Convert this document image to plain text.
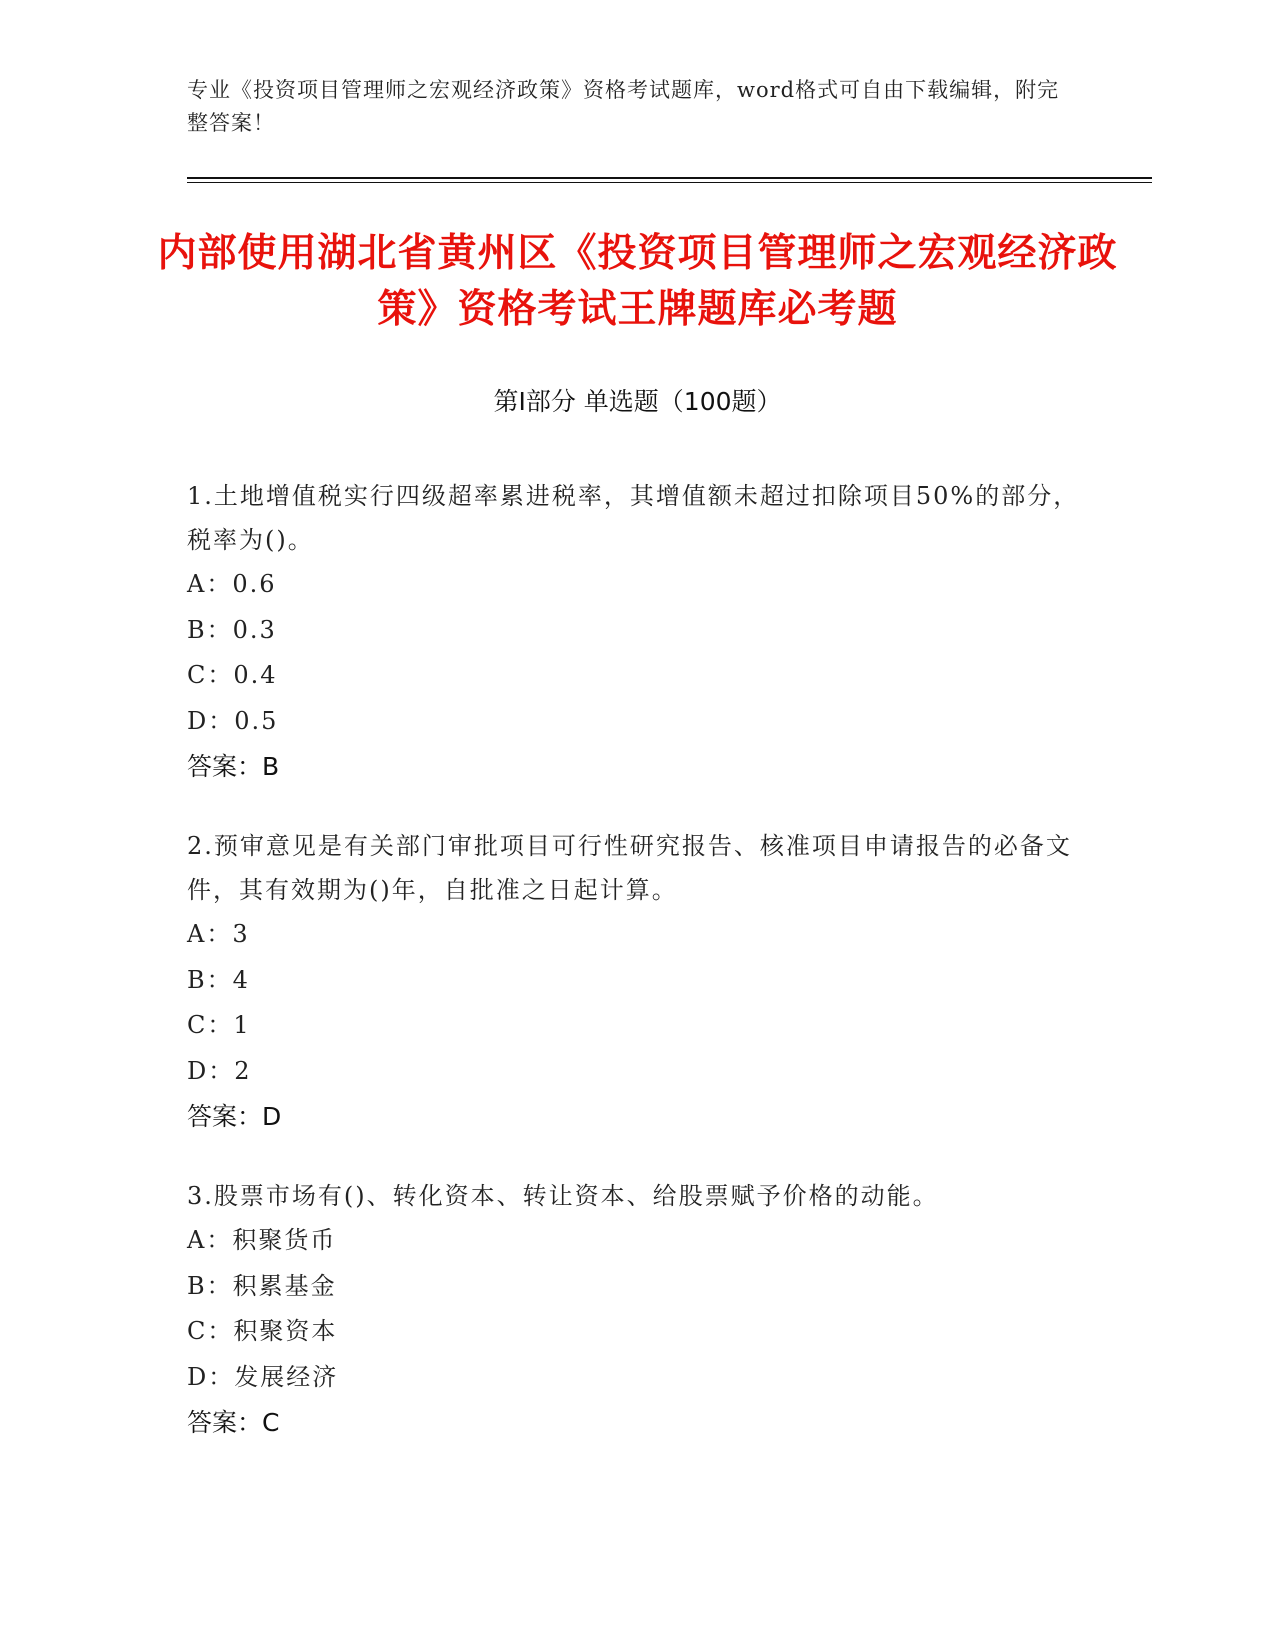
专业《投资项目管理师之宏观经济政策》资格考试题库，word格式可自由下载编辑，附完整答案！
内部使用湖北省黄州区《投资项目管理师之宏观经济政策》资格考试王牌题库必考题
第Ⅰ部分 单选题（100题）
1.土地增值税实行四级超率累进税率，其增值额未超过扣除项目50%的部分，税率为()。
A：0.6
B：0.3
C：0.4
D：0.5
答案：B
2.预审意见是有关部门审批项目可行性研究报告、核准项目申请报告的必备文件，其有效期为()年，自批准之日起计算。
A：3
B：4
C：1
D：2
答案：D
3.股票市场有()、转化资本、转让资本、给股票赋予价格的动能。
A：积聚货币
B：积累基金
C：积聚资本
D：发展经济
答案：C
